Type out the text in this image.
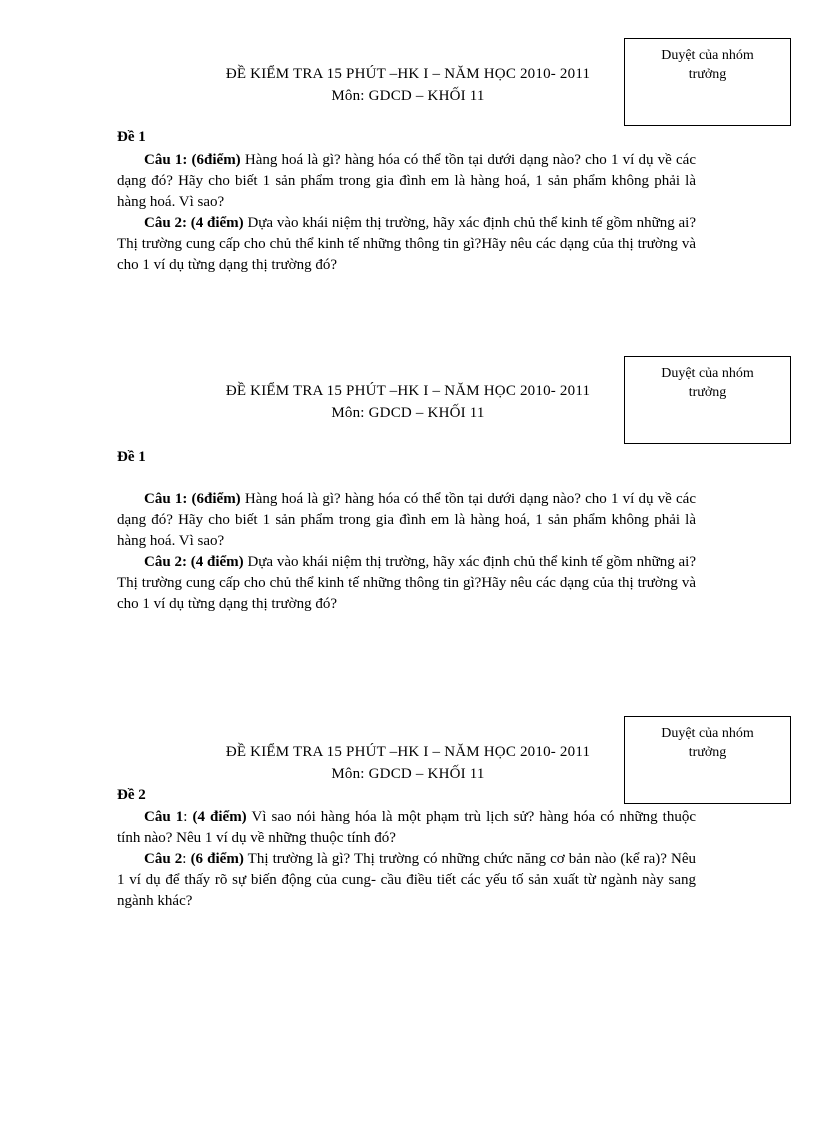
Duyệt của nhóm
trưởng
ĐỀ KIỂM TRA 15 PHÚT –HK I – NĂM HỌC 2010- 2011
Môn: GDCD – KHỐI 11
Đề 1
Câu 1: (6điểm) Hàng hoá là gì? hàng hóa có thể tồn tại dưới dạng nào? cho 1 ví dụ về các dạng đó? Hãy cho biết 1 sản phẩm trong gia đình em là hàng hoá, 1 sản phẩm không phải là hàng hoá. Vì sao?
Câu 2: (4 điểm) Dựa vào khái niệm thị trường, hãy xác định chủ thể kinh tế gồm những ai? Thị trường cung cấp cho chủ thể kinh tế những thông tin gì?Hãy nêu các dạng của thị trường và cho 1 ví dụ từng dạng thị trường đó?
Duyệt của nhóm
trưởng
ĐỀ KIỂM TRA 15 PHÚT –HK I – NĂM HỌC 2010- 2011
Môn: GDCD – KHỐI 11
Đề 1
Câu 1: (6điểm) Hàng hoá là gì? hàng hóa có thể tồn tại dưới dạng nào? cho 1 ví dụ về các dạng đó? Hãy cho biết 1 sản phẩm trong gia đình em là hàng hoá, 1 sản phẩm không phải là hàng hoá. Vì sao?
Câu 2: (4 điểm) Dựa vào khái niệm thị trường, hãy xác định chủ thể kinh tế gồm những ai? Thị trường cung cấp cho chủ thể kinh tế những thông tin gì?Hãy nêu các dạng của thị trường và cho 1 ví dụ từng dạng thị trường đó?
Duyệt của nhóm
trưởng
ĐỀ KIỂM TRA 15 PHÚT –HK I – NĂM HỌC 2010- 2011
Môn: GDCD – KHỐI 11
Đề 2
Câu 1: (4 điểm) Vì sao nói hàng hóa là một phạm trù lịch sử? hàng hóa có những thuộc tính nào? Nêu 1 ví dụ về những thuộc tính đó?
Câu 2: (6 điểm) Thị trường là gì? Thị trường có những chức năng cơ bản nào (kể ra)? Nêu 1 ví dụ để thấy rõ sự biến động của cung- cầu điều tiết các yếu tố sản xuất từ ngành này sang ngành khác?
